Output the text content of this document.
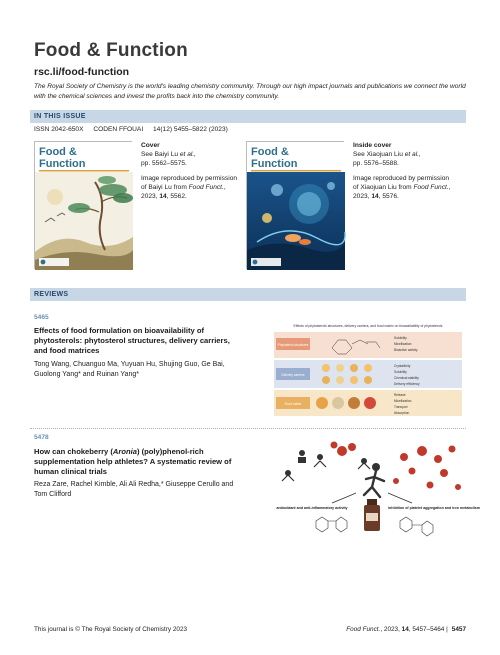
Food & Function
rsc.li/food-function
The Royal Society of Chemistry is the world's leading chemistry community. Through our high impact journals and publications we connect the world with the chemical sciences and invest the profits back into the chemistry community.
IN THIS ISSUE
ISSN 2042-650X CODEN FFOUAI 14(12) 5455–5822 (2023)
Food &
Function
Cover
See Baiyi Lu et al.,
pp. 5562–5575.
Image reproduced by permission of Baiyi Lu from Food Funct., 2023, 14, 5562.
Food &
Function
Inside cover
See Xiaojuan Liu et al.,
pp. 5576–5588.
Image reproduced by permission of Xiaojuan Liu from Food Funct., 2023, 14, 5576.
REVIEWS
5465
Effects of food formulation on bioavailability of phytosterols: phytosterol structures, delivery carriers, and food matrices
Tong Wang, Chuanguo Ma, Yuyuan Hu, Shujing Guo, Ge Bai, Guolong Yang* and Ruinan Yang*
Effects of phytosterols structures, delivery carriers, and food matrix on bioavailability of phytosterols
Phytosterol structures
Solubility
Micellization
Bioactive activity
Delivery carriers
Crystallinity
Solubility
Chemical stability
Delivery efficiency
Food matrix
Release
Micellization
Transport
Absorption
5478
How can chokeberry (Aronia) (poly)phenol-rich supplementation help athletes? A systematic review of human clinical trials
Reza Zare, Rachel Kimble, Ali Ali Redha,* Giuseppe Cerullo and Tom Clifford
antioxidant and anti-inflammatory activity	inhibition of platelet aggregation and iron metabolism
This journal is © The Royal Society of Chemistry 2023	Food Funct., 2023, 14, 5457–5464 | 5457
